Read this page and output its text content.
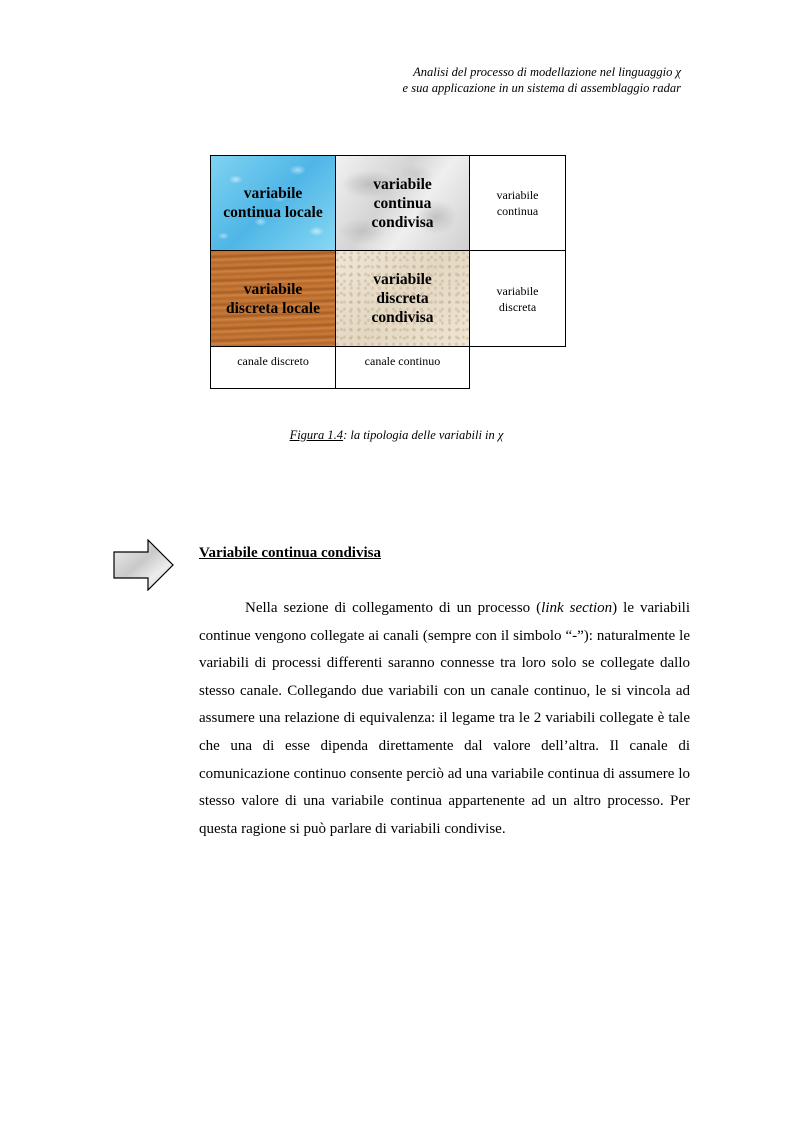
Analisi del processo di modellazione nel linguaggio χ
e sua applicazione in un sistema di assemblaggio radar
variabile continua locale
variabile continua condivisa
variabile continua
variabile discreta locale
variabile discreta condivisa
variabile discreta
canale discreto	canale continuo
Figura 1.4: la tipologia delle variabili in χ
Variabile continua condivisa

Nella sezione di collegamento di un processo (link section) le variabili continue vengono collegate ai canali (sempre con il simbolo “-”): naturalmente le variabili di processi differenti saranno connesse tra loro solo se collegate dallo stesso canale. Collegando due variabili con un canale continuo, le si vincola ad assumere una relazione di equivalenza: il legame tra le 2 variabili collegate è tale che una di esse dipenda direttamente dal valore dell’altra. Il canale di comunicazione continuo consente perciò ad una variabile continua di assumere lo stesso valore di una variabile continua appartenente ad un altro processo. Per questa ragione si può parlare di variabili condivise.
